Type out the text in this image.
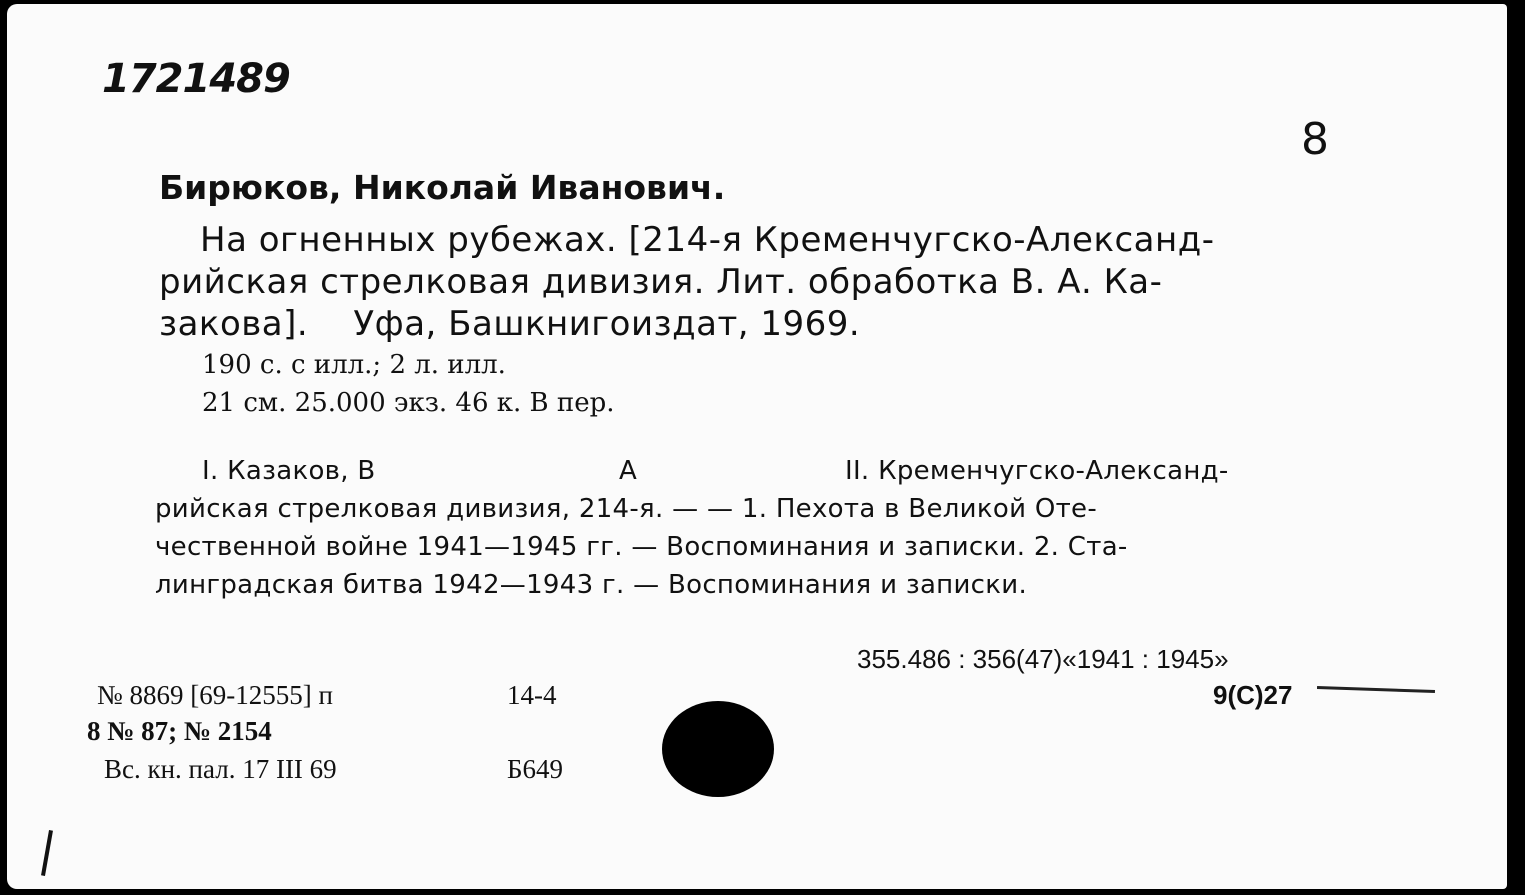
1721489
8
Бирюков, Николай Иванович.
На огненных рубежах. [214-я Кременчугско-Александ-
рийская стрелковая дивизия. Лит. обработка В. А. Ка-
закова].    Уфа, Башкнигоиздат, 1969.
190 с. с илл.; 2 л. илл.
21 см. 25.000 экз. 46 к. В пер.
I. Казаков, В	А	II. Кременчугско-Александ-
рийская стрелковая дивизия, 214-я. — — 1. Пехота в Великой Оте-
чественной войне 1941—1945 гг. — Воспоминания и записки. 2. Ста-
линградская битва 1942—1943 г. — Воспоминания и записки.
355.486 : 356(47)«1941 : 1945»
9(С)27
№ 8869 [69-12555] п	14-4
8 № 87; № 2154
Вс. кн. пал. 17 III 69	Б649
